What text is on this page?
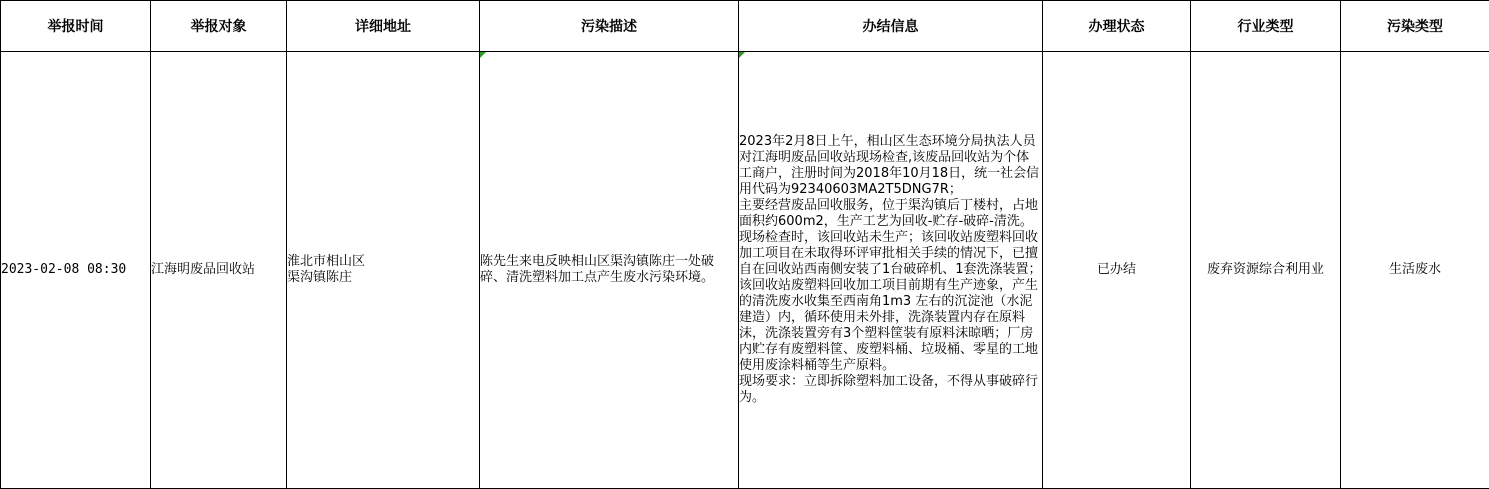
举报时间	举报对象	详细地址	污染描述	办结信息	办理状态	行业类型	污染类型

2023-02-08 08:30	江海明废品回收站	淮北市相山区
渠沟镇陈庄	陈先生来电反映相山区渠沟镇陈庄一处破碎、清洗塑料加工点产生废水污染环境。	2023年2月8日上午，相山区生态环境分局执法人员对江海明废品回收站现场检查,该废品回收站为个体工商户，注册时间为2018年10月18日，统一社会信用代码为92340603MA2T5DNG7R；
主要经营废品回收服务，位于渠沟镇后丁楼村，占地面积约600m2，生产工艺为回收-贮存-破碎-清洗。现场检查时，该回收站未生产；该回收站废塑料回收加工项目在未取得环评审批相关手续的情况下，已擅自在回收站西南侧安装了1台破碎机、1套洗涤装置；该回收站废塑料回收加工项目前期有生产迹象，产生的清洗废水收集至西南角1m3 左右的沉淀池（水泥建造）内，循环使用未外排，洗涤装置内存在原料沫，洗涤装置旁有3个塑料筐装有原料沫晾晒；厂房内贮存有废塑料筐、废塑料桶、垃圾桶、零星的工地使用废涂料桶等生产原料。
现场要求：立即拆除塑料加工设备，不得从事破碎行为。	已办结	废弃资源综合利用业	生活废水
